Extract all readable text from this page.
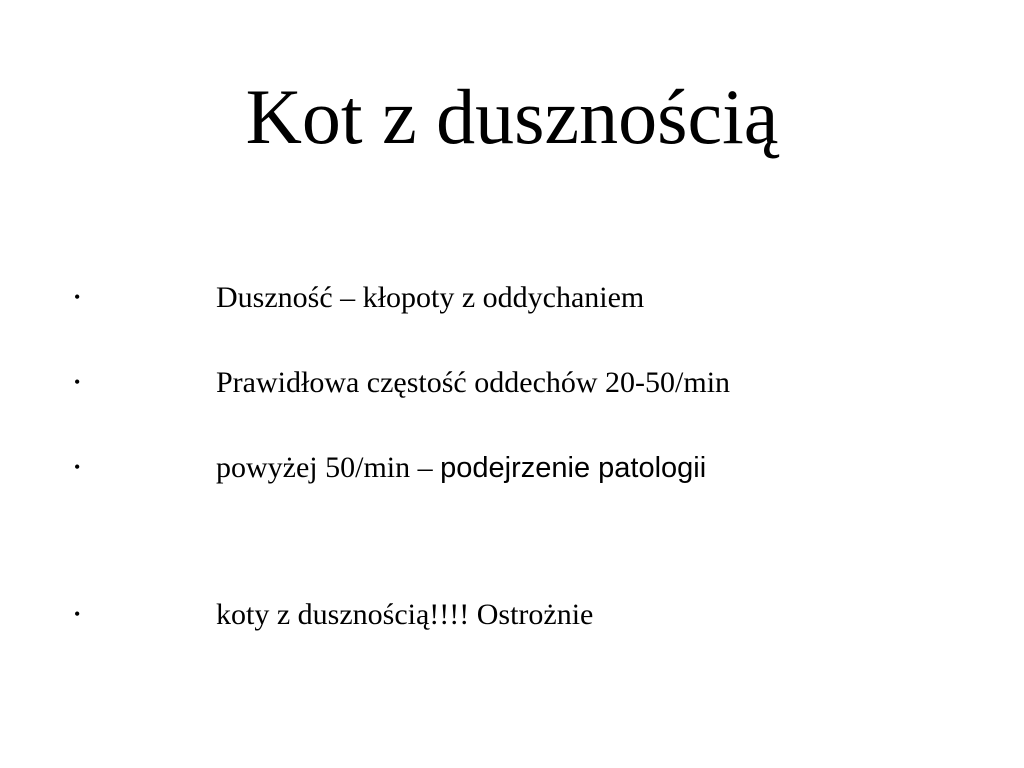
Kot z dusznością
•	Duszność – kłopoty z oddychaniem
•	Prawidłowa częstość oddechów 20-50/min
•	powyżej 50/min – podejrzenie patologii
•	koty z dusznością!!!! Ostrożnie
